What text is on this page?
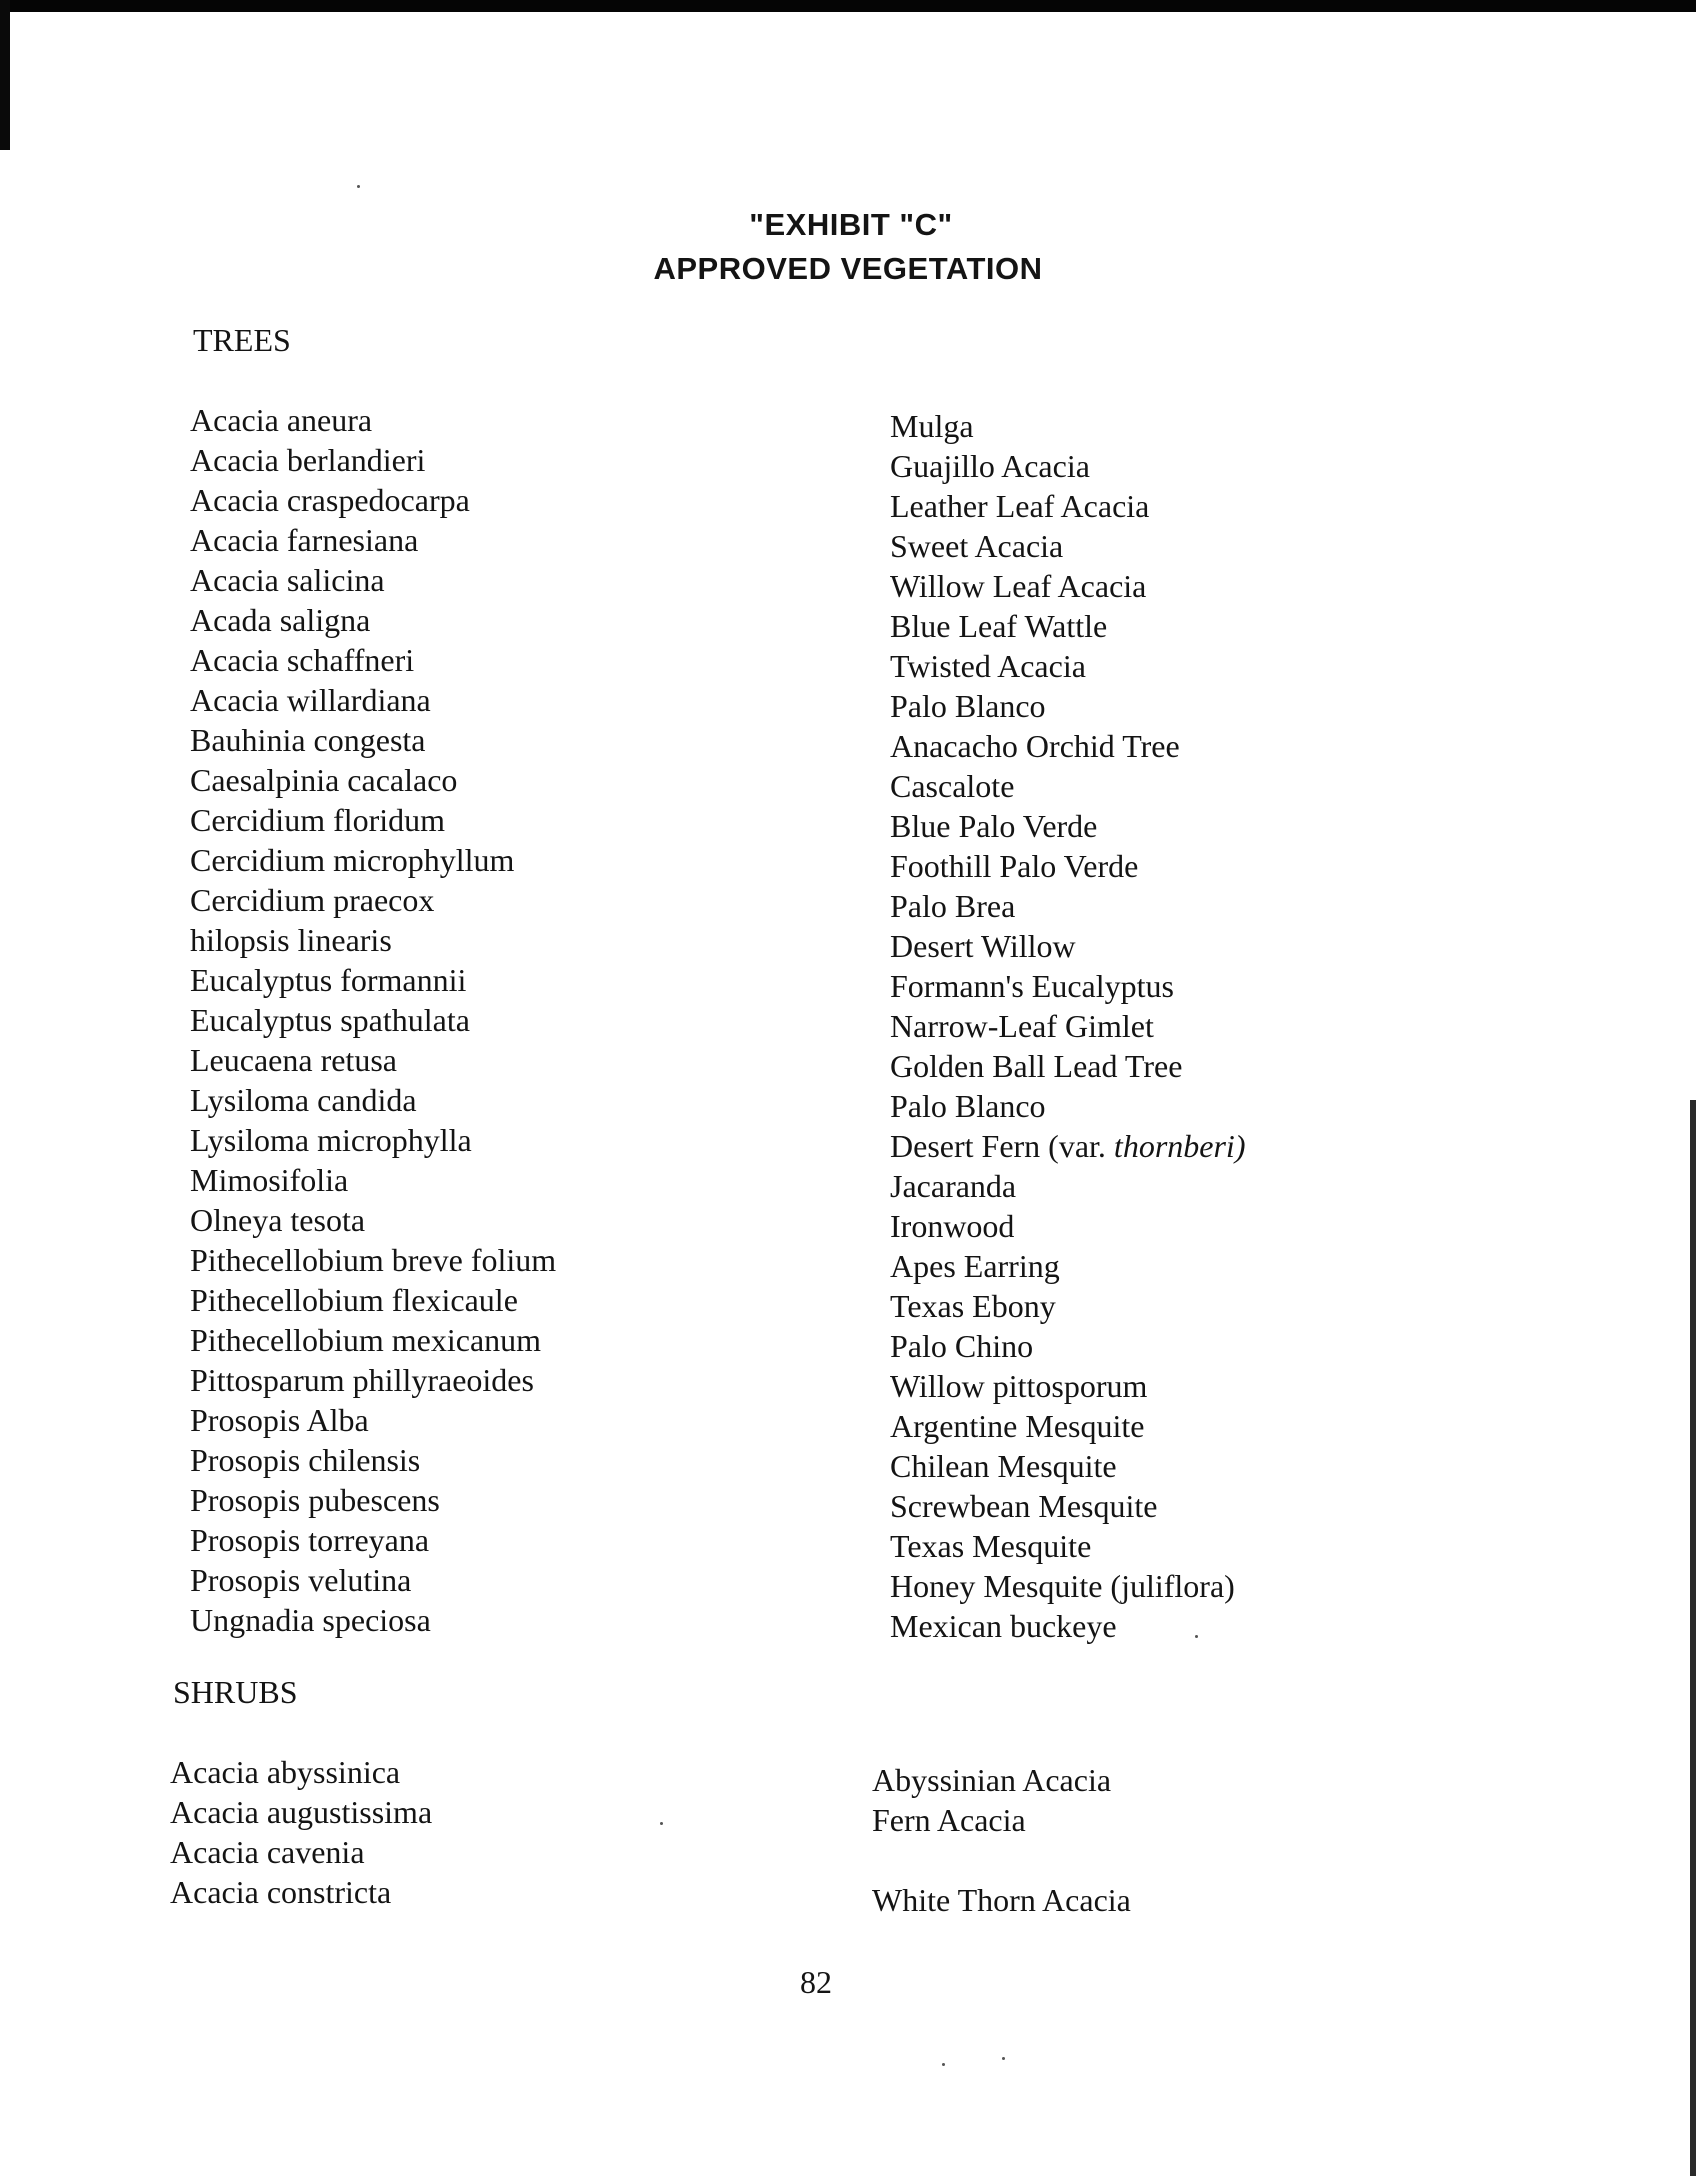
"EXHIBIT "C"
APPROVED VEGETATION
TREES
Acacia aneura
Acacia berlandieri
Acacia craspedocarpa
Acacia farnesiana
Acacia salicina
Acada saligna
Acacia schaffneri
Acacia willardiana
Bauhinia congesta
Caesalpinia cacalaco
Cercidium floridum
Cercidium microphyllum
Cercidium praecox
hilopsis linearis
Eucalyptus formannii
Eucalyptus spathulata
Leucaena retusa
Lysiloma candida
Lysiloma microphylla
Mimosifolia
Olneya tesota
Pithecellobium breve folium
Pithecellobium flexicaule
Pithecellobium mexicanum
Pittosparum phillyraeoides
Prosopis Alba
Prosopis chilensis
Prosopis pubescens
Prosopis torreyana
Prosopis velutina
Ungnadia speciosa
Mulga
Guajillo Acacia
Leather Leaf Acacia
Sweet Acacia
Willow Leaf Acacia
Blue Leaf Wattle
Twisted Acacia
Palo Blanco
Anacacho Orchid Tree
Cascalote
Blue Palo Verde
Foothill Palo Verde
Palo Brea
Desert Willow
Formann's Eucalyptus
Narrow-Leaf Gimlet
Golden Ball Lead Tree
Palo Blanco
Desert Fern (var. thornberi)
Jacaranda
Ironwood
Apes Earring
Texas Ebony
Palo Chino
Willow pittosporum
Argentine Mesquite
Chilean Mesquite
Screwbean Mesquite
Texas Mesquite
Honey Mesquite (juliflora)
Mexican buckeye
SHRUBS
Acacia abyssinica
Acacia augustissima
Acacia cavenia
Acacia constricta
Abyssinian Acacia
Fern Acacia
White Thorn Acacia
82
